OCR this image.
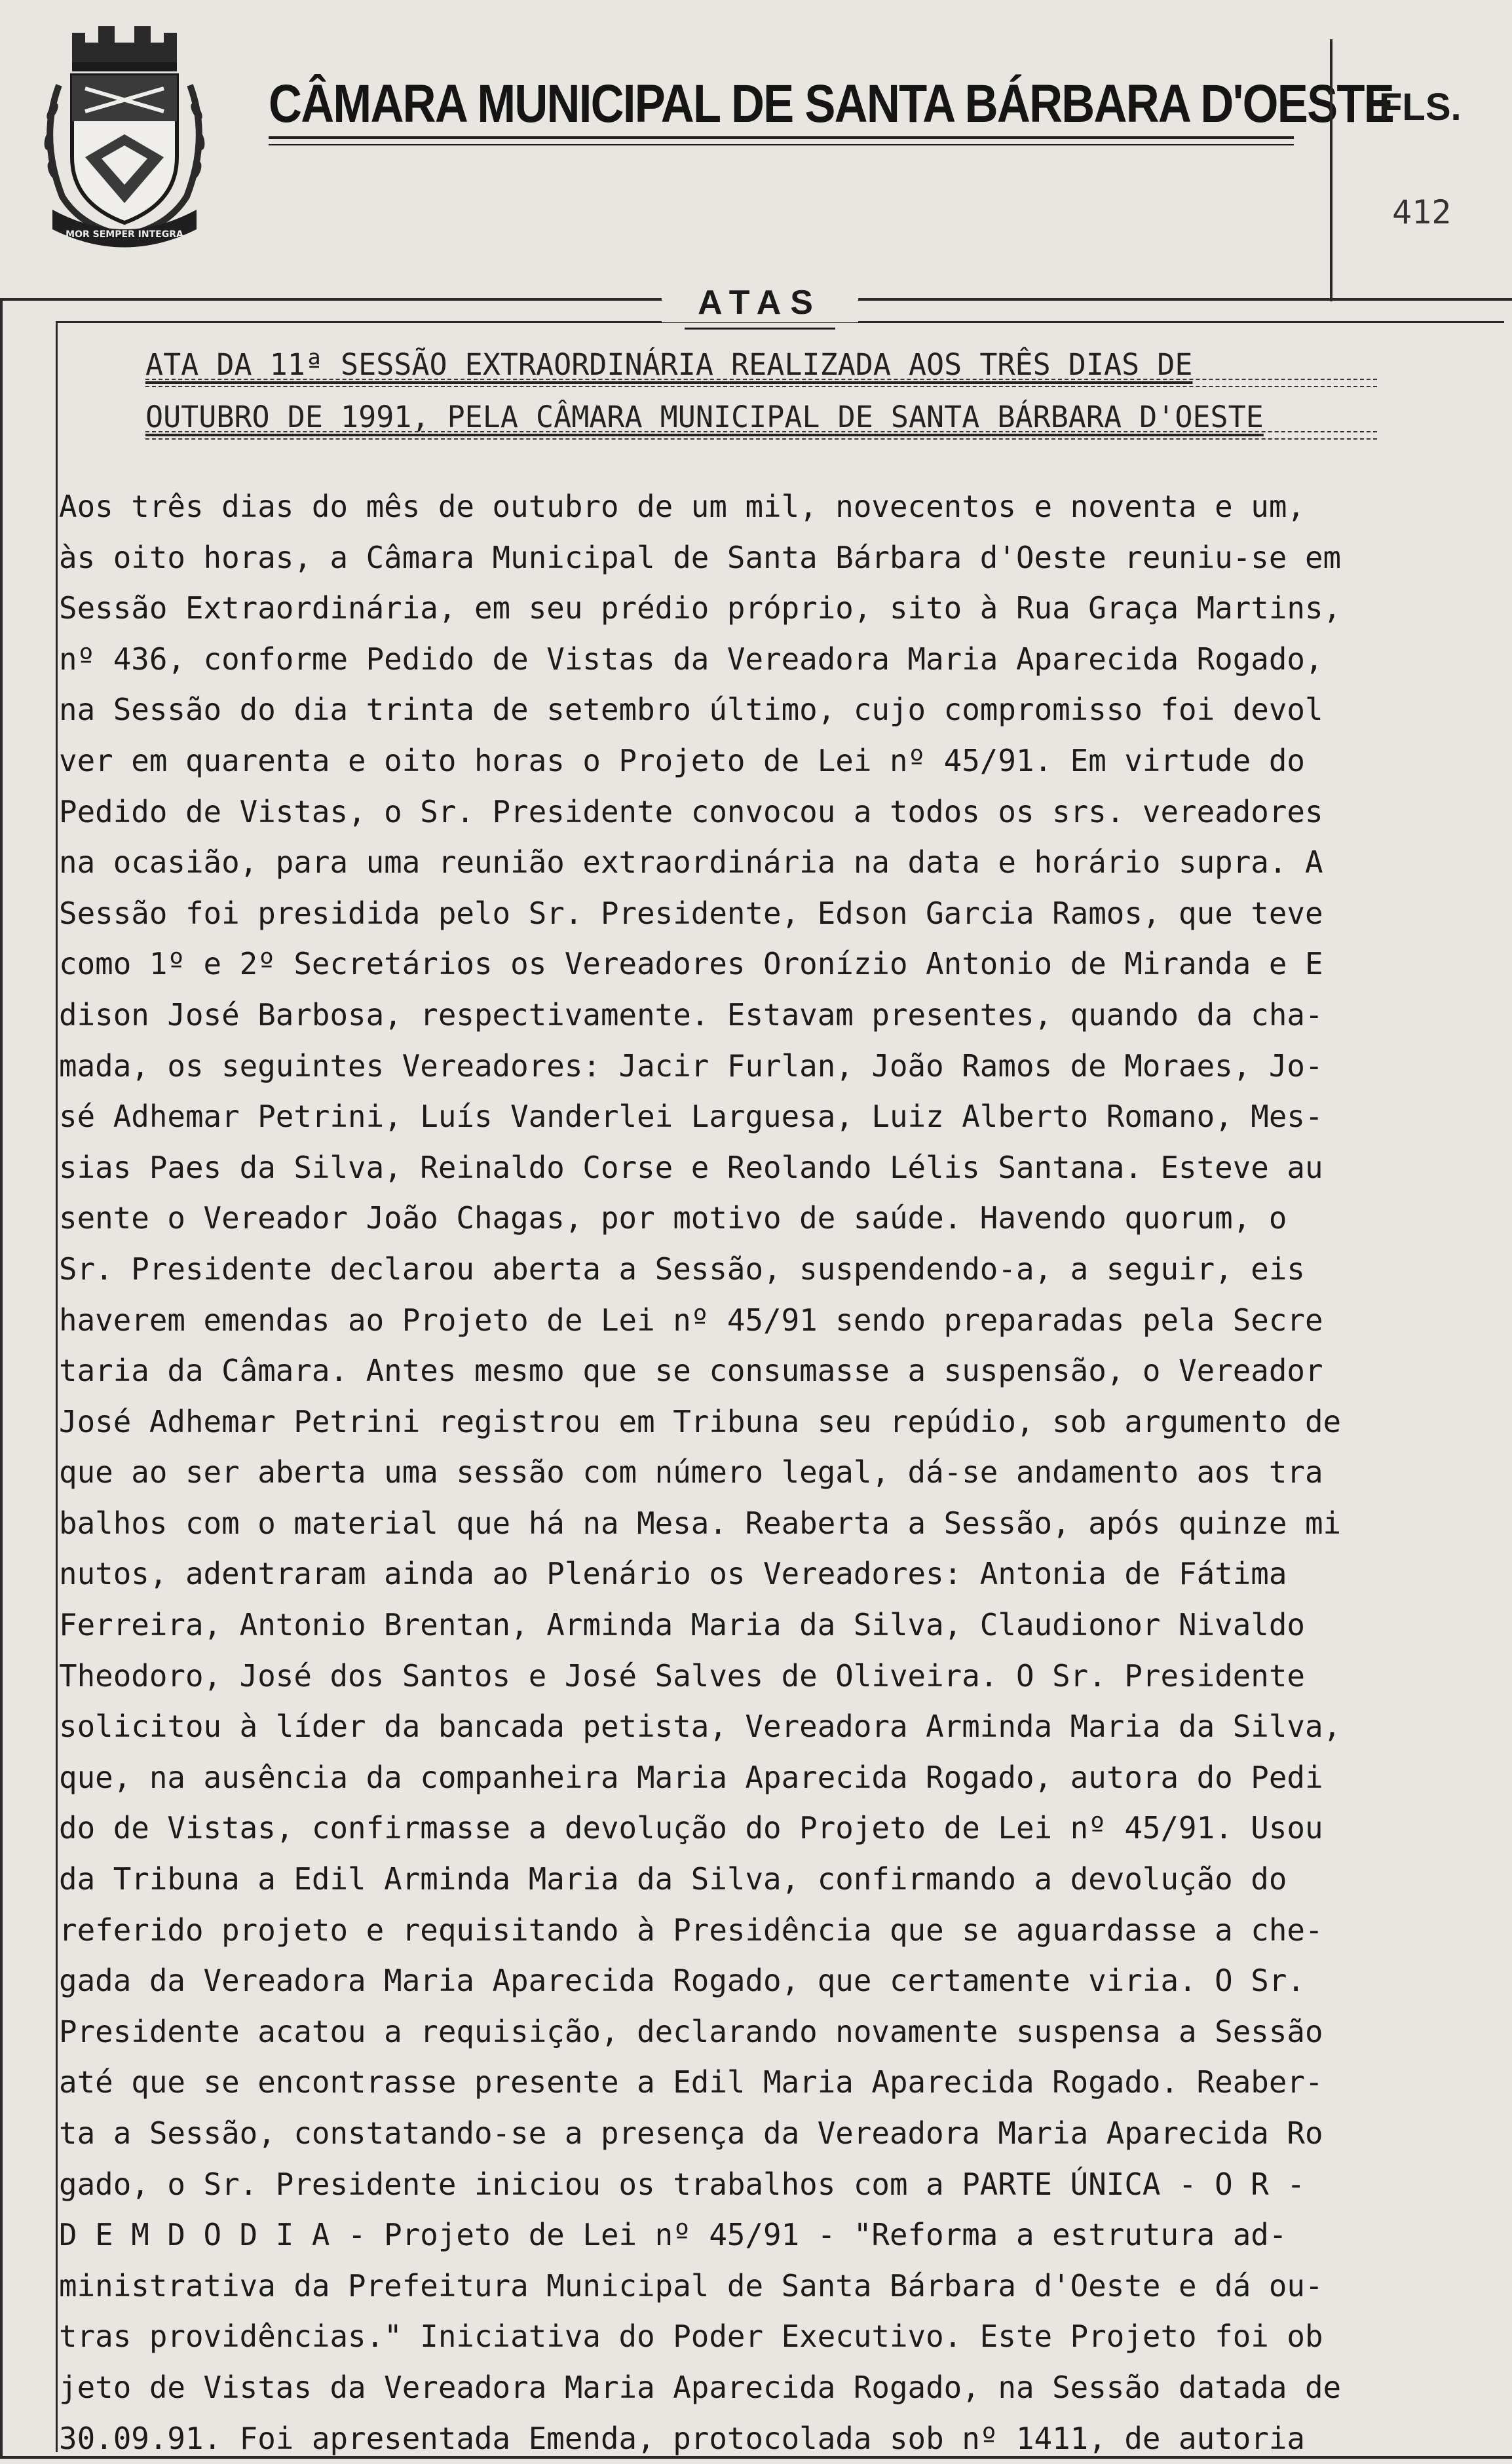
MOR SEMPER INTEGRA
CÂMARA MUNICIPAL DE SANTA BÁRBARA D'OESTE
FLS.
412
ATAS
ATA DA 11ª SESSÃO EXTRAORDINÁRIA REALIZADA AOS TRÊS DIAS DE
OUTUBRO DE 1991, PELA CÂMARA MUNICIPAL DE SANTA BÁRBARA D'OESTE
Aos três dias do mês de outubro de um mil, novecentos e noventa e um,
às oito horas, a Câmara Municipal de Santa Bárbara d'Oeste reuniu-se em
Sessão Extraordinária, em seu prédio próprio, sito à Rua Graça Martins,
nº 436, conforme Pedido de Vistas da Vereadora Maria Aparecida Rogado,
na Sessão do dia trinta de setembro último, cujo compromisso foi devol
ver em quarenta e oito horas o Projeto de Lei nº 45/91. Em virtude do
Pedido de Vistas, o Sr. Presidente convocou a todos os srs. vereadores
na ocasião, para uma reunião extraordinária na data e horário supra. A
Sessão foi presidida pelo Sr. Presidente, Edson Garcia Ramos, que teve
como 1º e 2º Secretários os Vereadores Oronízio Antonio de Miranda e E
dison José Barbosa, respectivamente. Estavam presentes, quando da cha-
mada, os seguintes Vereadores: Jacir Furlan, João Ramos de Moraes, Jo-
sé Adhemar Petrini, Luís Vanderlei Larguesa, Luiz Alberto Romano, Mes-
sias Paes da Silva, Reinaldo Corse e Reolando Lélis Santana. Esteve au
sente o Vereador João Chagas, por motivo de saúde. Havendo quorum, o
Sr. Presidente declarou aberta a Sessão, suspendendo-a, a seguir, eis
haverem emendas ao Projeto de Lei nº 45/91 sendo preparadas pela Secre
taria da Câmara. Antes mesmo que se consumasse a suspensão, o Vereador
José Adhemar Petrini registrou em Tribuna seu repúdio, sob argumento de
que ao ser aberta uma sessão com número legal, dá-se andamento aos tra
balhos com o material que há na Mesa. Reaberta a Sessão, após quinze mi
nutos, adentraram ainda ao Plenário os Vereadores: Antonia de Fátima
Ferreira, Antonio Brentan, Arminda Maria da Silva, Claudionor Nivaldo
Theodoro, José dos Santos e José Salves de Oliveira. O Sr. Presidente
solicitou à líder da bancada petista, Vereadora Arminda Maria da Silva,
que, na ausência da companheira Maria Aparecida Rogado, autora do Pedi
do de Vistas, confirmasse a devolução do Projeto de Lei nº 45/91. Usou
da Tribuna a Edil Arminda Maria da Silva, confirmando a devolução do
referido projeto e requisitando à Presidência que se aguardasse a che-
gada da Vereadora Maria Aparecida Rogado, que certamente viria. O Sr.
Presidente acatou a requisição, declarando novamente suspensa a Sessão
até que se encontrasse presente a Edil Maria Aparecida Rogado. Reaber-
ta a Sessão, constatando-se a presença da Vereadora Maria Aparecida Ro
gado, o Sr. Presidente iniciou os trabalhos com a PARTE ÚNICA - O R -
D E M D O D I A - Projeto de Lei nº 45/91 - "Reforma a estrutura ad-
ministrativa da Prefeitura Municipal de Santa Bárbara d'Oeste e dá ou-
tras providências." Iniciativa do Poder Executivo. Este Projeto foi ob
jeto de Vistas da Vereadora Maria Aparecida Rogado, na Sessão datada de
30.09.91. Foi apresentada Emenda, protocolada sob nº 1411, de autoria
